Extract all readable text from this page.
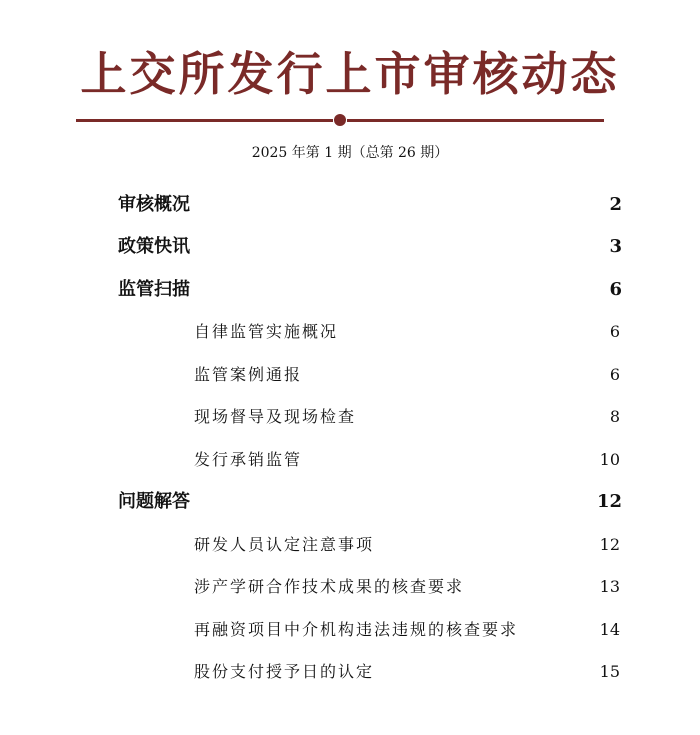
上交所发行上市审核动态
2025 年第 1 期（总第 26 期）
审核概况	2
政策快讯	3
监管扫描	6
自律监管实施概况	6
监管案例通报	6
现场督导及现场检查	8
发行承销监管	10
问题解答	12
研发人员认定注意事项	12
涉产学研合作技术成果的核查要求	13
再融资项目中介机构违法违规的核查要求	14
股份支付授予日的认定	15
